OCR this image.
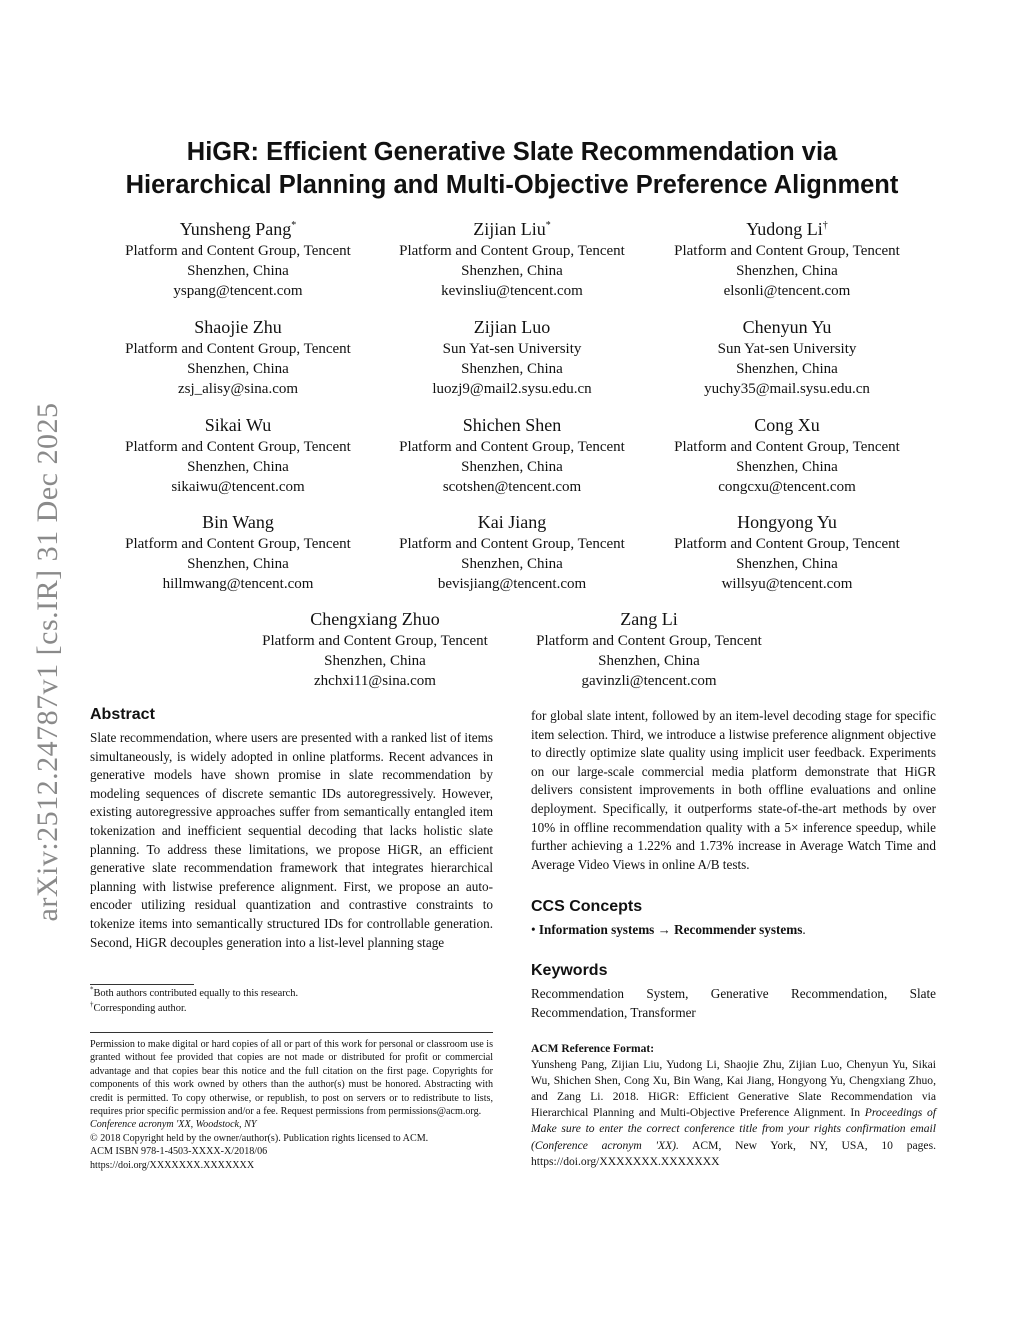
arXiv:2512.24787v1 [cs.IR] 31 Dec 2025
HiGR: Efficient Generative Slate Recommendation via
Hierarchical Planning and Multi-Objective Preference Alignment
Yunsheng Pang*
Platform and Content Group, Tencent
Shenzhen, China
yspang@tencent.com
Zijian Liu*
Platform and Content Group, Tencent
Shenzhen, China
kevinsliu@tencent.com
Yudong Li†
Platform and Content Group, Tencent
Shenzhen, China
elsonli@tencent.com
Shaojie Zhu
Platform and Content Group, Tencent
Shenzhen, China
zsj_alisy@sina.com
Zijian Luo
Sun Yat-sen University
Shenzhen, China
luozj9@mail2.sysu.edu.cn
Chenyun Yu
Sun Yat-sen University
Shenzhen, China
yuchy35@mail.sysu.edu.cn
Sikai Wu
Platform and Content Group, Tencent
Shenzhen, China
sikaiwu@tencent.com
Shichen Shen
Platform and Content Group, Tencent
Shenzhen, China
scotshen@tencent.com
Cong Xu
Platform and Content Group, Tencent
Shenzhen, China
congcxu@tencent.com
Bin Wang
Platform and Content Group, Tencent
Shenzhen, China
hillmwang@tencent.com
Kai Jiang
Platform and Content Group, Tencent
Shenzhen, China
bevisjiang@tencent.com
Hongyong Yu
Platform and Content Group, Tencent
Shenzhen, China
willsyu@tencent.com
Chengxiang Zhuo
Platform and Content Group, Tencent
Shenzhen, China
zhchxi11@sina.com
Zang Li
Platform and Content Group, Tencent
Shenzhen, China
gavinzli@tencent.com
Abstract

Slate recommendation, where users are presented with a ranked list of items simultaneously, is widely adopted in online platforms. Recent advances in generative models have shown promise in slate recommendation by modeling sequences of discrete semantic IDs autoregressively. However, existing autoregressive approaches suffer from semantically entangled item tokenization and inefficient sequential decoding that lacks holistic slate planning. To address these limitations, we propose HiGR, an efficient generative slate recommendation framework that integrates hierarchical planning with listwise preference alignment. First, we propose an auto-encoder utilizing residual quantization and contrastive constraints to tokenize items into semantically structured IDs for controllable generation. Second, HiGR decouples generation into a list-level planning stage

*Both authors contributed equally to this research.
†Corresponding author.
Permission to make digital or hard copies of all or part of this work for personal or classroom use is granted without fee provided that copies are not made or distributed for profit or commercial advantage and that copies bear this notice and the full citation on the first page. Copyrights for components of this work owned by others than the author(s) must be honored. Abstracting with credit is permitted. To copy otherwise, or republish, to post on servers or to redistribute to lists, requires prior specific permission and/or a fee. Request permissions from permissions@acm.org.
Conference acronym 'XX, Woodstock, NY
© 2018 Copyright held by the owner/author(s). Publication rights licensed to ACM.
ACM ISBN 978-1-4503-XXXX-X/2018/06
https://doi.org/XXXXXXX.XXXXXXX

for global slate intent, followed by an item-level decoding stage for specific item selection. Third, we introduce a listwise preference alignment objective to directly optimize slate quality using implicit user feedback. Experiments on our large-scale commercial media platform demonstrate that HiGR delivers consistent improvements in both offline evaluations and online deployment. Specifically, it outperforms state-of-the-art methods by over 10% in offline recommendation quality with a 5× inference speedup, while further achieving a 1.22% and 1.73% increase in Average Watch Time and Average Video Views in online A/B tests.

CCS Concepts
• Information systems → Recommender systems.
Keywords

Recommendation System, Generative Recommendation, Slate Recommendation, Transformer

ACM Reference Format:

Yunsheng Pang, Zijian Liu, Yudong Li, Shaojie Zhu, Zijian Luo, Chenyun Yu, Sikai Wu, Shichen Shen, Cong Xu, Bin Wang, Kai Jiang, Hongyong Yu, Chengxiang Zhuo, and Zang Li. 2018. HiGR: Efficient Generative Slate Recommendation via Hierarchical Planning and Multi-Objective Preference Alignment. In Proceedings of Make sure to enter the correct conference title from your rights confirmation email (Conference acronym 'XX). ACM, New York, NY, USA, 10 pages. https://doi.org/XXXXXXX.XXXXXXX
